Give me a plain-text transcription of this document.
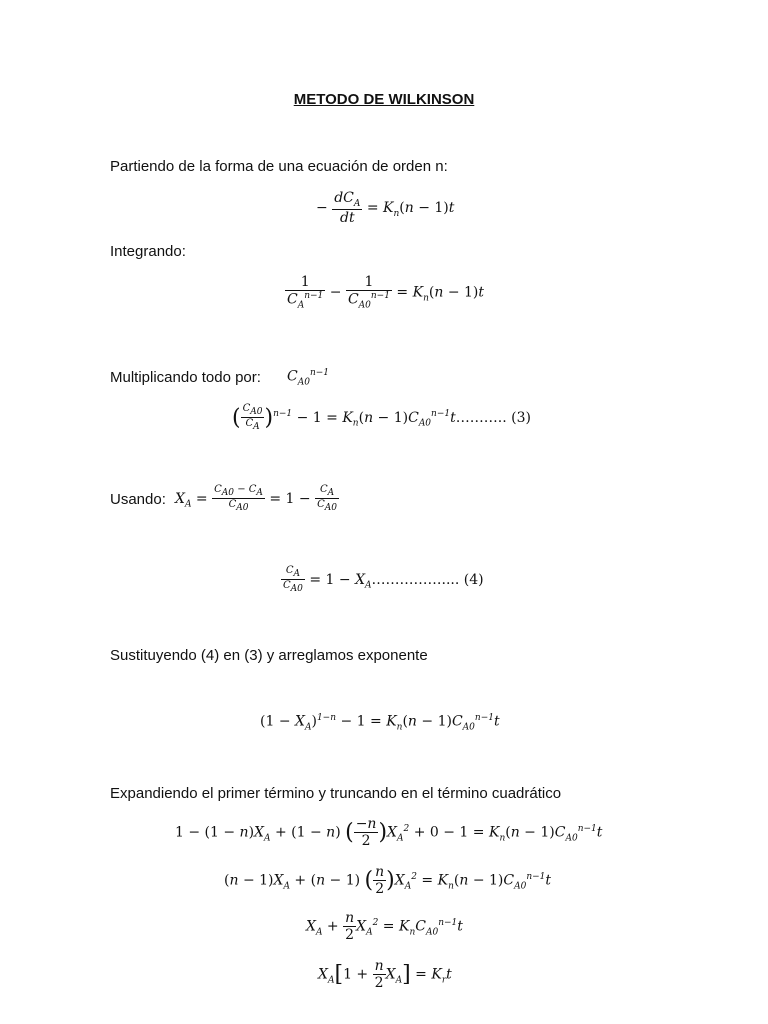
METODO DE WILKINSON
Partiendo de la forma de una ecuación de orden n:
− $\frac{dC_A}{dt} = K_n(n - 1)t$
Integrando:
$\frac{1}{C_A^{n-1}} - \frac{1}{C_{A0}^{n-1}} = K_n(n - 1)t$
Multiplicando todo por: $C_{A0}^{n-1}$
( $\frac{C_{A0}}{C_A} )^{n-1} - 1 = K_n(n$ − $1)C_{A0}^{n-1}t\dots\dots\dots$.. (3)
Usando: $X_A = \frac{C_{A0} - C_A}{C_{A0}} = 1 - \frac{C_A}{C_{A0}}$
$\frac{C_A}{C_{A0}} = 1$ − $X_A\dots\dots\dots\dots\dots$.... (4)
Sustituyendo (4) en (3) y arreglamos exponente
$(1 - X_A)^{1-n} - 1 = K_n(n - 1)C_{A0}^{n-1}t$
Expandiendo el primer término y truncando en el término cuadrático
$1 - (1 - n)X_A + (1 - n)$ ( $\frac{-n}{2} )X_A^2 + 0 - 1 = K_n(n - 1)C_{A0}^{n-1}t$
$(n - 1)X_A + (n - 1)$ ( $\frac{n}{2} )X_A^2 = K_n(n - 1)C_{A0}^{n-1}t$
$X_A + \frac{n}{2} X_A^2 = K_nC_{A0}^{n-1}t$
$X_A[1 + \frac{n}{2} X_A] = K_rt$
